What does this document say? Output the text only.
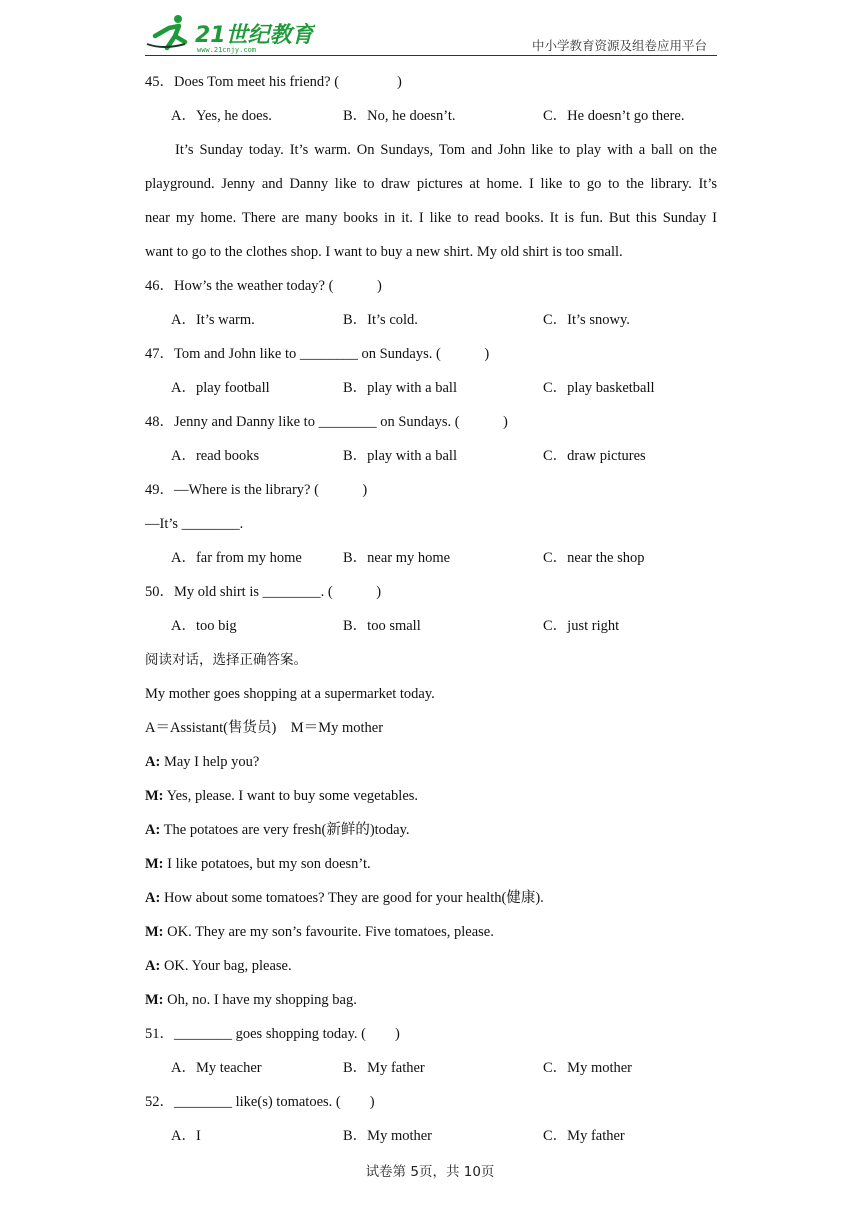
21世纪教育
www.21cnjy.com	中小学教育资源及组卷应用平台
45．Does Tom meet his friend? (　　　　)
A．Yes, he does.	B．No, he doesn’t.	C．He doesn’t go there.
It’s Sunday today. It’s warm. On Sundays, Tom and John like to play with a ball on the
playground. Jenny and Danny like to draw pictures at home. I like to go to the library. It’s
near my home. There are many books in it. I like to read books. It is fun. But this Sunday I
want to go to the clothes shop. I want to buy a new shirt. My old shirt is too small.
46．How’s the weather today? (　　　)
A．It’s warm.	B．It’s cold.	C．It’s snowy.
47．Tom and John like to ________ on Sundays. (　　　)
A．play football	B．play with a ball	C．play basketball
48．Jenny and Danny like to ________ on Sundays. (　　　)
A．read books	B．play with a ball	C．draw pictures
49．—Where is the library? (　　　)
—It’s ________.
A．far from my home	B．near my home	C．near the shop
50．My old shirt is ________. (　　　)
A．too big	B．too small	C．just right
阅读对话，选择正确答案。
My mother goes shopping at a supermarket today.
A＝Assistant(售货员)　M＝My mother
A: May I help you?
M: Yes, please. I want to buy some vegetables.
A: The potatoes are very fresh(新鲜的)today.
M: I like potatoes, but my son doesn’t.
A: How about some tomatoes? They are good for your health(健康).
M: OK. They are my son’s favourite. Five tomatoes, please.
A: OK. Your bag, please.
M: Oh, no. I have my shopping bag.
51．________ goes shopping today. (　　)
A．My teacher	B．My father	C．My mother
52．________ like(s) tomatoes. (　　)
A．I	B．My mother	C．My father
试卷第 5页，共 10页
